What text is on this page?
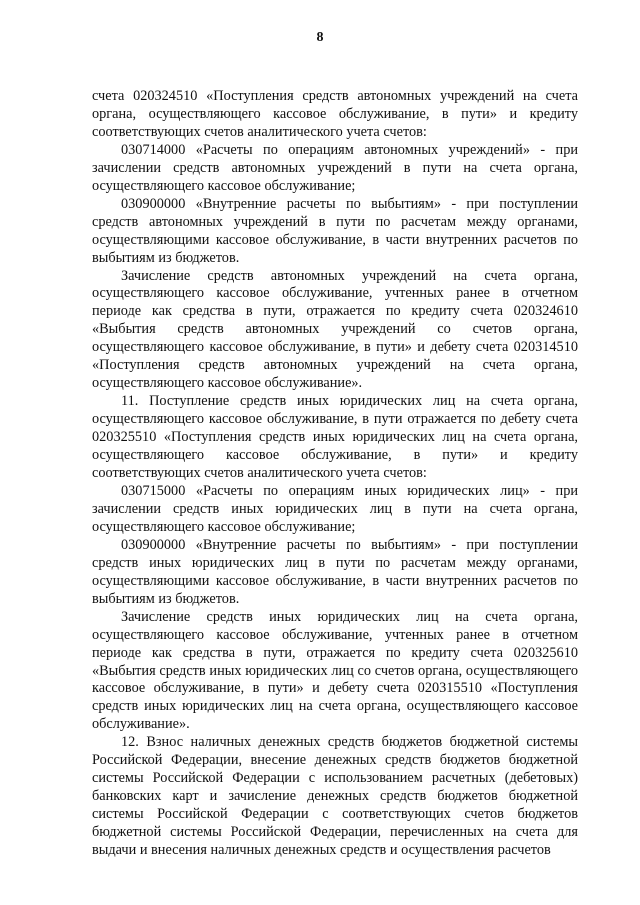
8

счета 020324510 «Поступления средств автономных учреждений на счета органа, осуществляющего кассовое обслуживание, в пути» и кредиту соответствующих счетов аналитического учета счетов:

030714000 «Расчеты по операциям автономных учреждений» - при зачислении средств автономных учреждений в пути на счета органа, осуществляющего кассовое обслуживание;

030900000 «Внутренние расчеты по выбытиям» - при поступлении средств автономных учреждений в пути по расчетам между органами, осуществляющими кассовое обслуживание, в части внутренних расчетов по выбытиям из бюджетов.

Зачисление средств автономных учреждений на счета органа, осуществляющего кассовое обслуживание, учтенных ранее в отчетном периоде как средства в пути, отражается по кредиту счета 020324610 «Выбытия средств автономных учреждений со счетов органа, осуществляющего кассовое обслуживание, в пути» и дебету счета 020314510 «Поступления средств автономных учреждений на счета органа, осуществляющего кассовое обслуживание».

11. Поступление средств иных юридических лиц на счета органа, осуществляющего кассовое обслуживание, в пути отражается по дебету счета 020325510 «Поступления средств иных юридических лиц на счета органа, осуществляющего кассовое обслуживание, в пути» и кредиту соответствующих счетов аналитического учета счетов:

030715000 «Расчеты по операциям иных юридических лиц» - при зачислении средств иных юридических лиц в пути на счета органа, осуществляющего кассовое обслуживание;

030900000 «Внутренние расчеты по выбытиям» - при поступлении средств иных юридических лиц в пути по расчетам между органами, осуществляющими кассовое обслуживание, в части внутренних расчетов по выбытиям из бюджетов.

Зачисление средств иных юридических лиц на счета органа, осуществляющего кассовое обслуживание, учтенных ранее в отчетном периоде как средства в пути, отражается по кредиту счета 020325610 «Выбытия средств иных юридических лиц со счетов органа, осуществляющего кассовое обслуживание, в пути» и дебету счета 020315510 «Поступления средств иных юридических лиц на счета органа, осуществляющего кассовое обслуживание».

12. Взнос наличных денежных средств бюджетов бюджетной системы Российской Федерации, внесение денежных средств бюджетов бюджетной системы Российской Федерации с использованием расчетных (дебетовых) банковских карт и зачисление денежных средств бюджетов бюджетной системы Российской Федерации с соответствующих счетов бюджетов бюджетной системы Российской Федерации, перечисленных на счета для выдачи и внесения наличных денежных средств и осуществления расчетов
